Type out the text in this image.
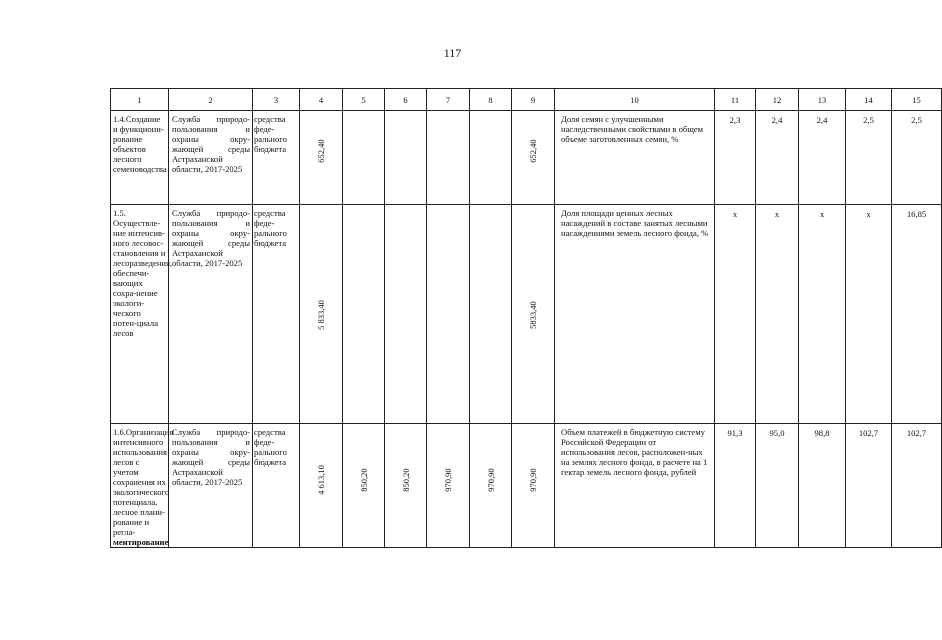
117
1	2	3	4	5	6	7	8	9	10	11	12	13	14	15
1.4.Создание и функциони-рование объектов лесного семеноводства	Служба природо-пользования и охраны окру-жающей среды Астраханской области, 2017-2025	средства феде-рального бюджета	652,40					652,40	Доля семян с улучшенными наследственными свойствами в общем объеме заготовленных семян, %	2,3	2,4	2,4	2,5	2,5
1.5. Осуществле-ние интенсив-ного лесовос-становления и лесоразведения, обеспечи-вающих сохра-нение экологи-ческого потен-циала лесов	Служба природо-пользования и охраны окру-жающей среды Астраханской области, 2017-2025	средства феде-рального бюджета	5 833,40					5833,40	Доля площади ценных лесных насаждений в составе занятых лесными насаждениями земель лесного фонда, %	х	х	х	х	16,85
1.6.Организация интенсивного использования лесов с учетом сохранения их экологического потенциала, лесное плани-рование и регла-ментирование	Служба природо-пользования и охраны окру-жающей среды Астраханской области, 2017-2025	средства феде-рального бюджета	4 613,10	850,20	850,20	970,90	970,90	970,90	Объем платежей в бюджетную систему Российской Федерации от использования лесов, расположен-ных на землях лесного фонда, в расчете на 1 гектар земель лесного фонда, рублей	91,3	95,0	98,8	102,7	102,7
